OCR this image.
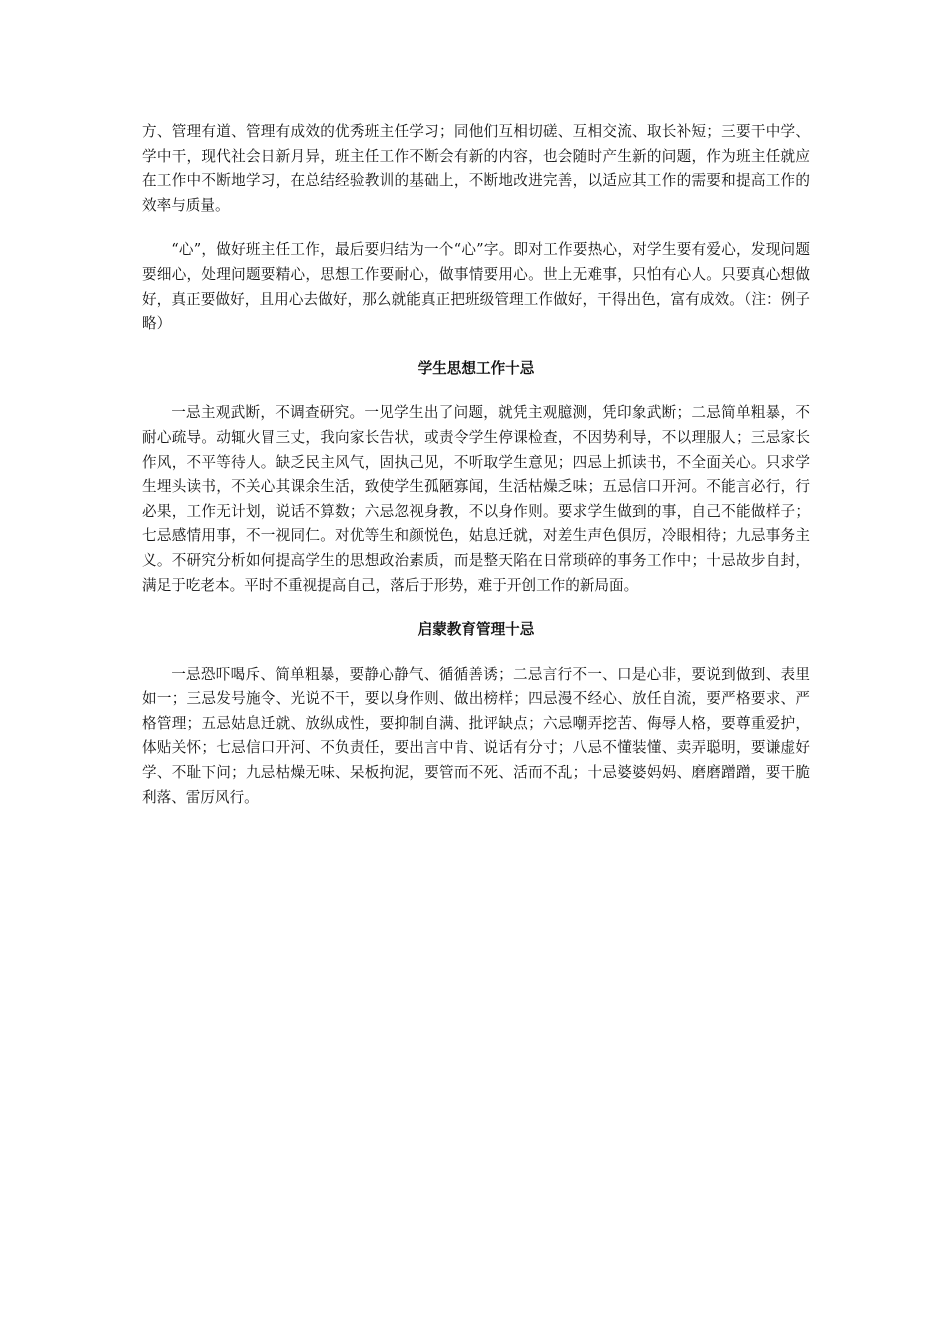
方、管理有道、管理有成效的优秀班主任学习；同他们互相切磋、互相交流、取长补短；三要干中学、学中干，现代社会日新月异，班主任工作不断会有新的内容，也会随时产生新的问题，作为班主任就应在工作中不断地学习，在总结经验教训的基础上，不断地改进完善，以适应其工作的需要和提高工作的效率与质量。

“心”，做好班主任工作，最后要归结为一个“心”字。即对工作要热心，对学生要有爱心，发现问题要细心，处理问题要精心，思想工作要耐心，做事情要用心。世上无难事，只怕有心人。只要真心想做好，真正要做好，且用心去做好，那么就能真正把班级管理工作做好，干得出色，富有成效。（注：例子略）

学生思想工作十忌

一忌主观武断，不调查研究。一见学生出了问题，就凭主观臆测，凭印象武断；二忌简单粗暴，不耐心疏导。动辄火冒三丈，我向家长告状，或责令学生停课检查，不因势利导，不以理服人；三忌家长作风，不平等待人。缺乏民主风气，固执己见，不听取学生意见；四忌上抓读书，不全面关心。只求学生埋头读书，不关心其课余生活，致使学生孤陋寡闻，生活枯燥乏味；五忌信口开河。不能言必行，行必果，工作无计划，说话不算数；六忌忽视身教，不以身作则。要求学生做到的事，自己不能做样子；七忌感情用事，不一视同仁。对优等生和颜悦色，姑息迁就，对差生声色俱厉，冷眼相待；九忌事务主义。不研究分析如何提高学生的思想政治素质，而是整天陷在日常琐碎的事务工作中；十忌故步自封，满足于吃老本。平时不重视提高自己，落后于形势，难于开创工作的新局面。

启蒙教育管理十忌

一忌恐吓喝斥、简单粗暴，要静心静气、循循善诱；二忌言行不一、口是心非，要说到做到、表里如一；三忌发号施令、光说不干，要以身作则、做出榜样；四忌漫不经心、放任自流，要严格要求、严格管理；五忌姑息迁就、放纵成性，要抑制自满、批评缺点；六忌嘲弄挖苦、侮辱人格，要尊重爱护，体贴关怀；七忌信口开河、不负责任，要出言中肯、说话有分寸；八忌不懂装懂、卖弄聪明，要谦虚好学、不耻下问；九忌枯燥无味、呆板拘泥，要管而不死、活而不乱；十忌婆婆妈妈、磨磨蹭蹭，要干脆利落、雷厉风行。
